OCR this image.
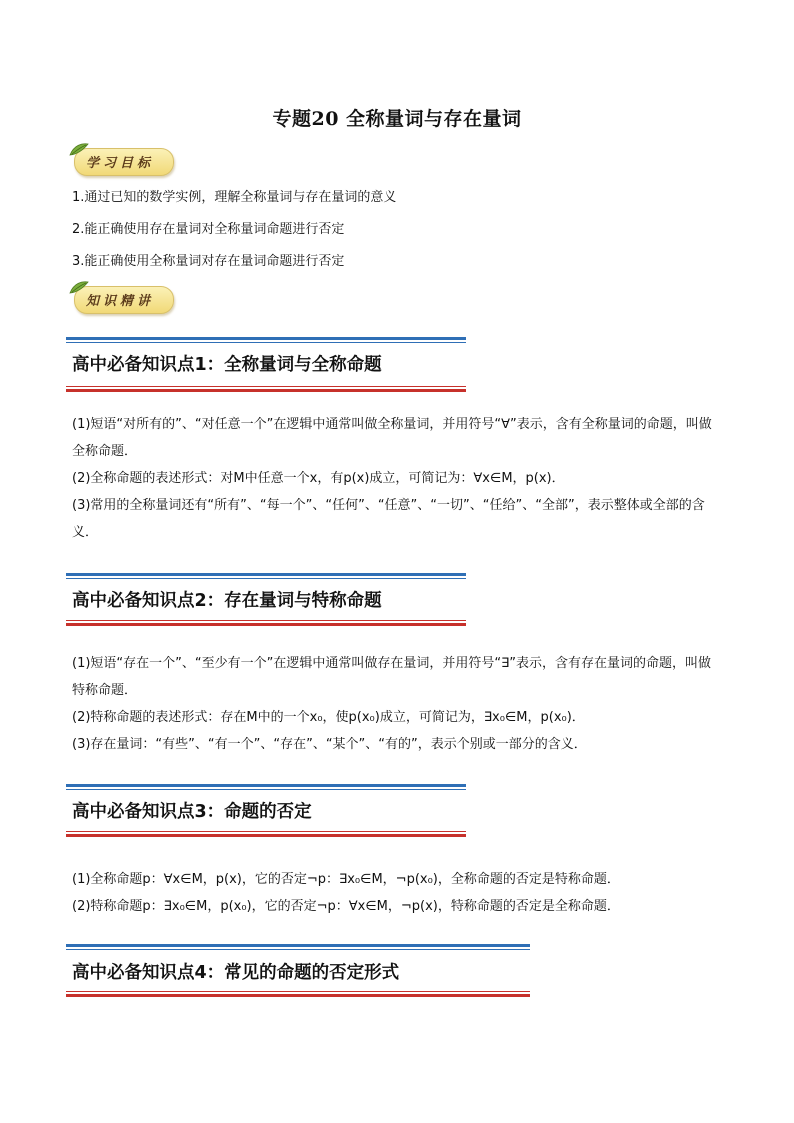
专题20 全称量词与存在量词
学习目标
1.通过已知的数学实例，理解全称量词与存在量词的意义
2.能正确使用存在量词对全称量词命题进行否定
3.能正确使用全称量词对存在量词命题进行否定
知识精讲
高中必备知识点1：全称量词与全称命题

(1)短语“对所有的”、“对任意一个”在逻辑中通常叫做全称量词，并用符号“∀”表示，含有全称量词的命题，叫做全称命题．

(2)全称命题的表述形式：对M中任意一个x，有p(x)成立，可简记为：∀x∈M，p(x)．

(3)常用的全称量词还有“所有”、“每一个”、“任何”、“任意”、“一切”、“任给”、“全部”，表示整体或全部的含义．

高中必备知识点2：存在量词与特称命题

(1)短语“存在一个”、“至少有一个”在逻辑中通常叫做存在量词，并用符号“∃”表示，含有存在量词的命题，叫做特称命题．

(2)特称命题的表述形式：存在M中的一个x₀，使p(x₀)成立，可简记为，∃x₀∈M，p(x₀)．

(3)存在量词：“有些”、“有一个”、“存在”、“某个”、“有的”，表示个别或一部分的含义．

高中必备知识点3：命题的否定

(1)全称命题p：∀x∈M，p(x)，它的否定¬p：∃x₀∈M，¬p(x₀)，全称命题的否定是特称命题．

(2)特称命题p：∃x₀∈M，p(x₀)，它的否定¬p：∀x∈M，¬p(x)，特称命题的否定是全称命题．

高中必备知识点4：常见的命题的否定形式
